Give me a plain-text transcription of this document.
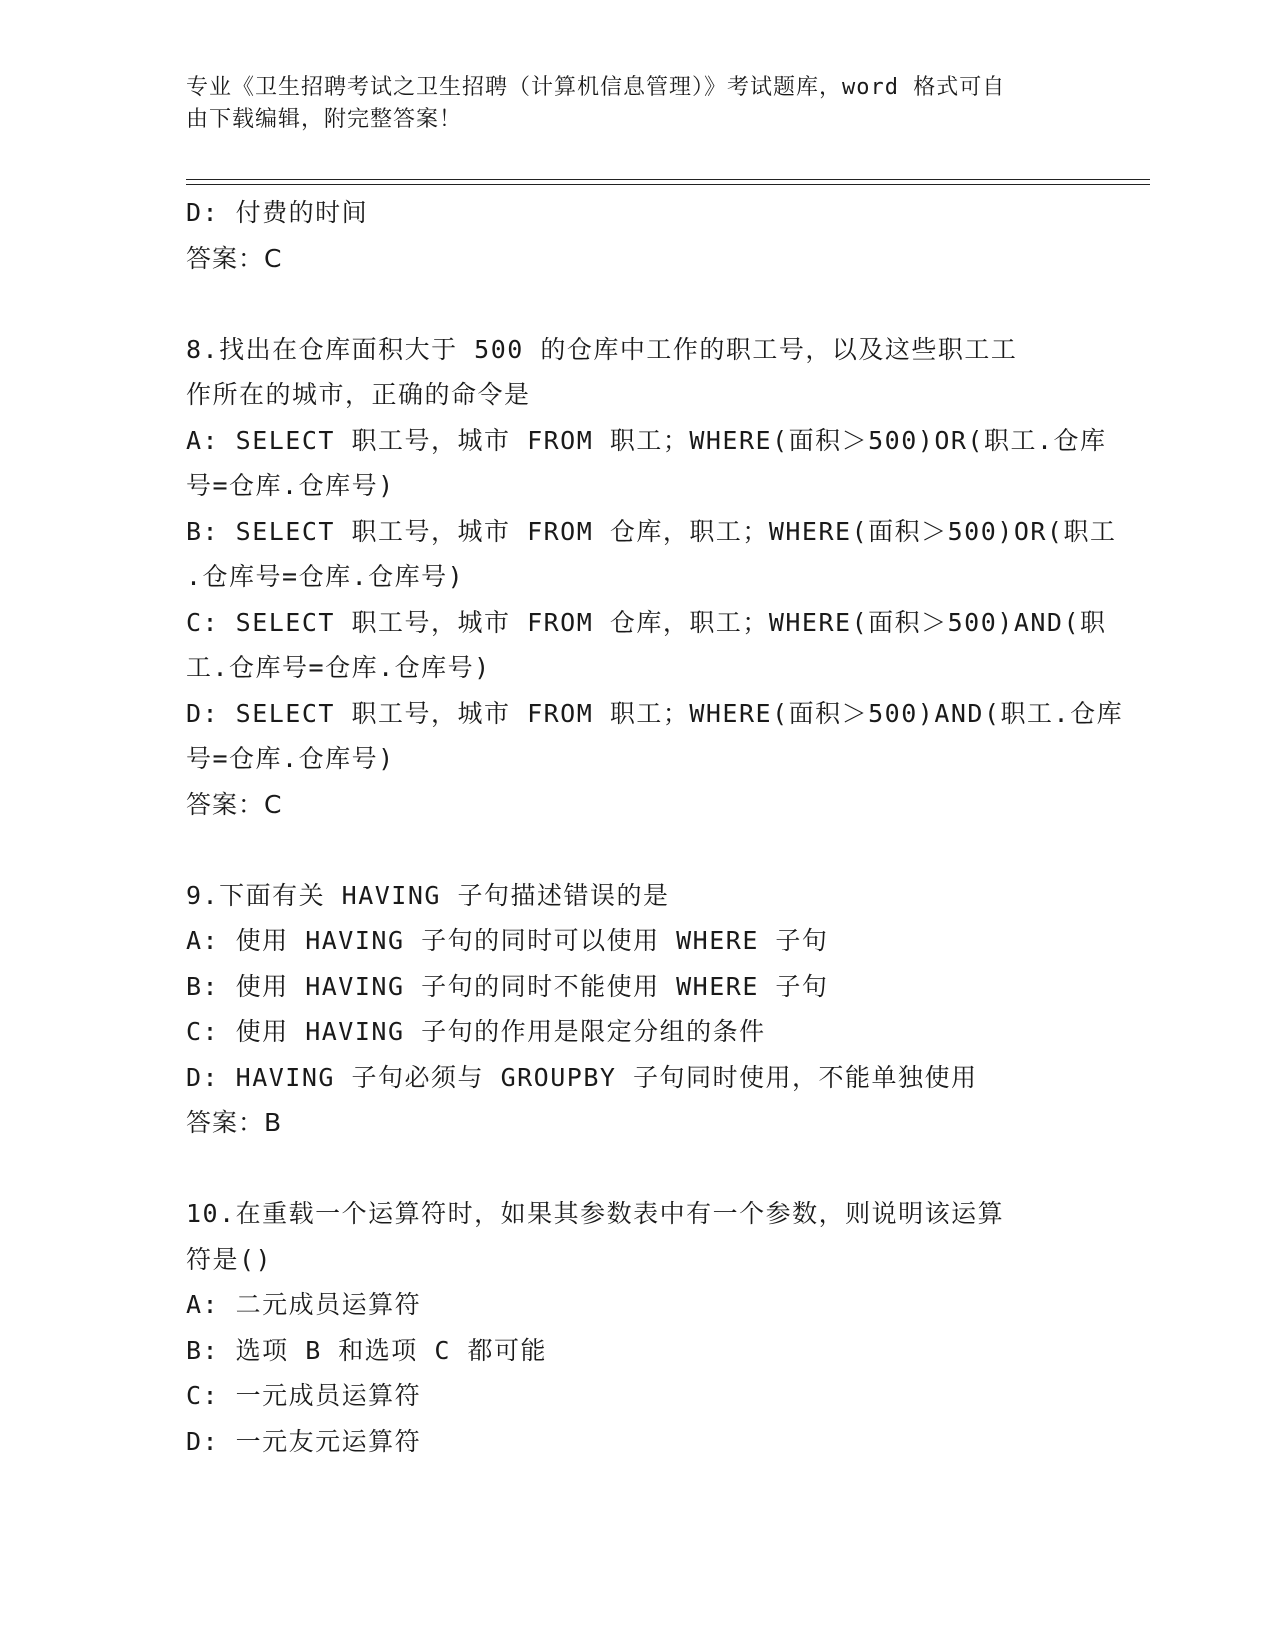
专业《卫生招聘考试之卫生招聘（计算机信息管理）》考试题库，word 格式可自
由下载编辑，附完整答案！

D: 付费的时间

答案：C

8.找出在仓库面积大于 500 的仓库中工作的职工号，以及这些职工工

作所在的城市，正确的命令是

A: SELECT 职工号，城市 FROM 职工；WHERE(面积＞500)OR(职工.仓库

号=仓库.仓库号)

B: SELECT 职工号，城市 FROM 仓库，职工；WHERE(面积＞500)OR(职工

.仓库号=仓库.仓库号)

C: SELECT 职工号，城市 FROM 仓库，职工；WHERE(面积＞500)AND(职

工.仓库号=仓库.仓库号)

D: SELECT 职工号，城市 FROM 职工；WHERE(面积＞500)AND(职工.仓库

号=仓库.仓库号)

答案：C

9.下面有关 HAVING 子句描述错误的是

A: 使用 HAVING 子句的同时可以使用 WHERE 子句

B: 使用 HAVING 子句的同时不能使用 WHERE 子句

C: 使用 HAVING 子句的作用是限定分组的条件

D: HAVING 子句必须与 GROUPBY 子句同时使用，不能单独使用

答案：B

10.在重载一个运算符时，如果其参数表中有一个参数，则说明该运算

符是()

A: 二元成员运算符

B: 选项 B 和选项 C 都可能

C: 一元成员运算符

D: 一元友元运算符
